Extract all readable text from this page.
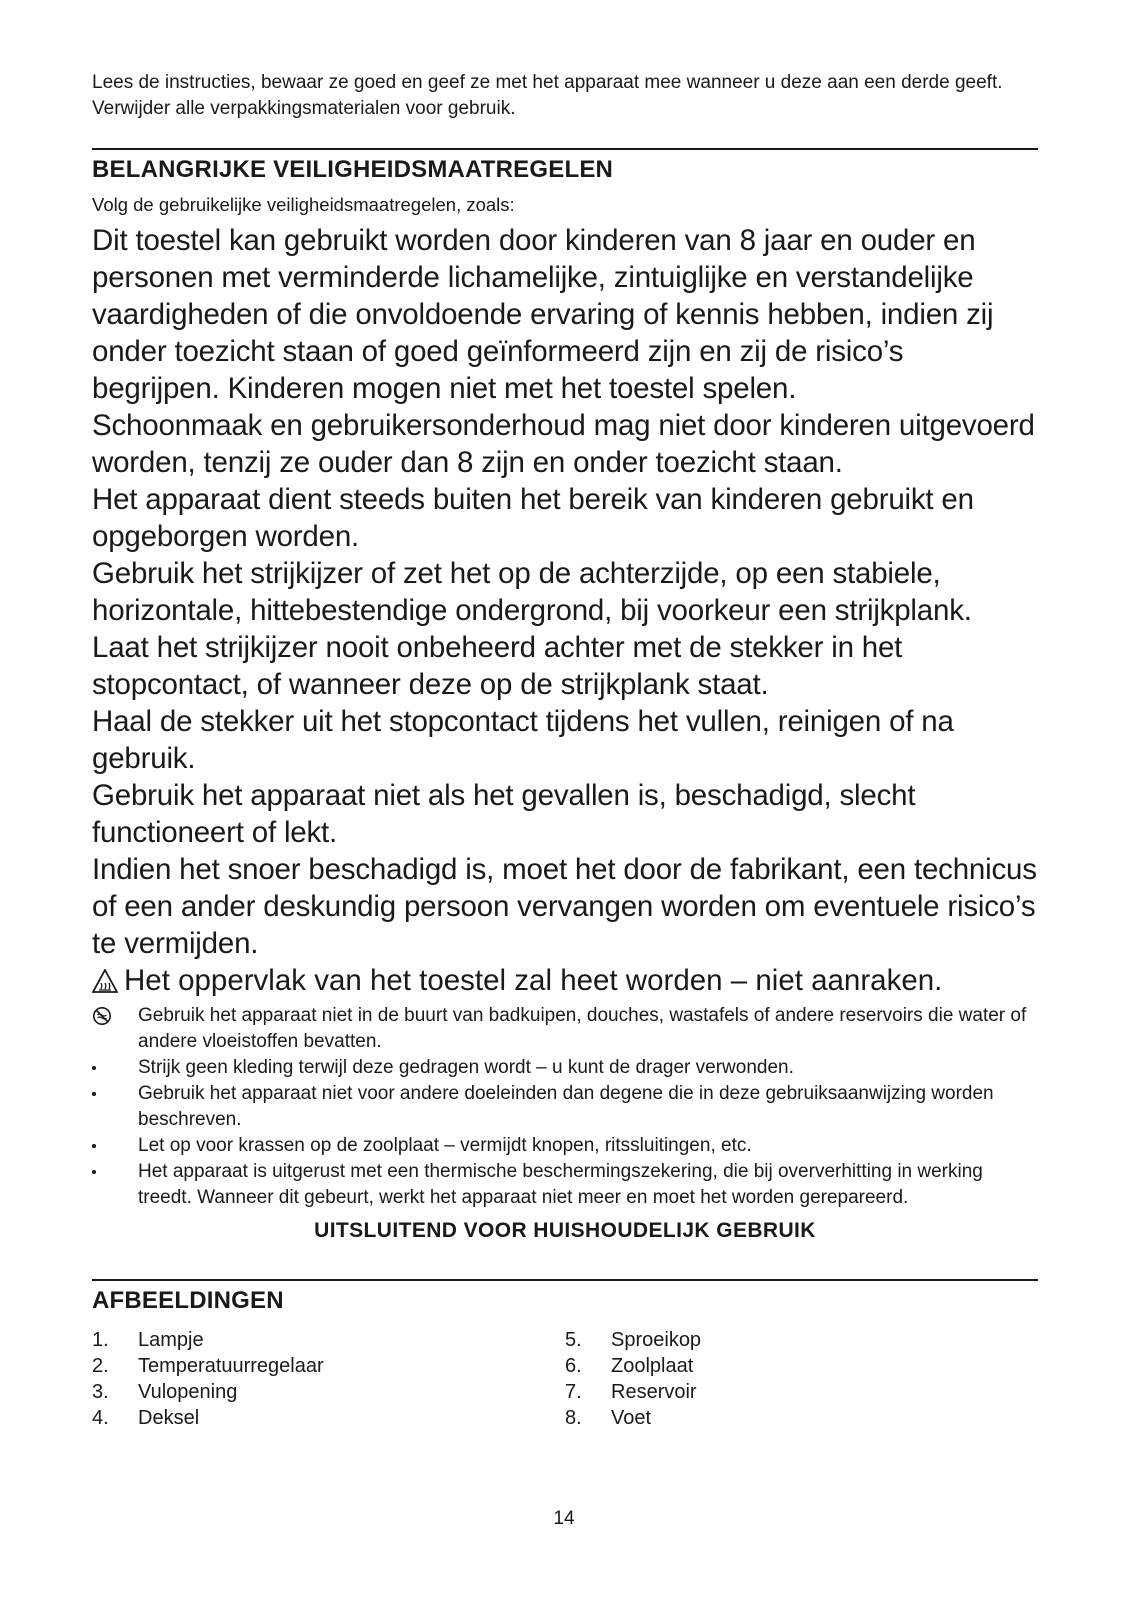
Lees de instructies, bewaar ze goed en geef ze met het apparaat mee wanneer u deze aan een derde geeft. Verwijder alle verpakkingsmaterialen voor gebruik.

BELANGRIJKE VEILIGHEIDSMAATREGELEN

Volg de gebruikelijke veiligheidsmaatregelen, zoals:

Dit toestel kan gebruikt worden door kinderen van 8 jaar en ouder en personen met verminderde lichamelijke, zintuiglijke en verstandelijke vaardigheden of die onvoldoende ervaring of kennis hebben, indien zij onder toezicht staan of goed geïnformeerd zijn en zij de risico’s begrijpen. Kinderen mogen niet met het toestel spelen.

Schoonmaak en gebruikersonderhoud mag niet door kinderen uitgevoerd worden, tenzij ze ouder dan 8 zijn en onder toezicht staan.

Het apparaat dient steeds buiten het bereik van kinderen gebruikt en opgeborgen worden.

Gebruik het strijkijzer of zet het op de achterzijde, op een stabiele, horizontale, hittebestendige ondergrond, bij voorkeur een strijkplank.

Laat het strijkijzer nooit onbeheerd achter met de stekker in het stopcontact, of wanneer deze op de strijkplank staat.

Haal de stekker uit het stopcontact tijdens het vullen, reinigen of na gebruik.

Gebruik het apparaat niet als het gevallen is, beschadigd, slecht functioneert of lekt.

Indien het snoer beschadigd is, moet het door de fabrikant, een technicus of een ander deskundig persoon vervangen worden om eventuele risico’s te vermijden.

Het oppervlak van het toestel zal heet worden – niet aanraken.

Gebruik het apparaat niet in de buurt van badkuipen, douches, wastafels of andere reservoirs die water of andere vloeistoffen bevatten.
Strijk geen kleding terwijl deze gedragen wordt – u kunt de drager verwonden.
Gebruik het apparaat niet voor andere doeleinden dan degene die in deze gebruiksaanwijzing worden beschreven.
Let op voor krassen op de zoolplaat – vermijdt knopen, ritssluitingen, etc.
Het apparaat is uitgerust met een thermische beschermingszekering, die bij oververhitting in werking treedt. Wanneer dit gebeurt, werkt het apparaat niet meer en moet het worden gerepareerd.

UITSLUITEND VOOR HUISHOUDELIJK GEBRUIK

AFBEELDINGEN
1.	Lampje
2.	Temperatuurregelaar
3.	Vulopening
4.	Deksel
5.	Sproeikop
6.	Zoolplaat
7.	Reservoir
8.	Voet
14
